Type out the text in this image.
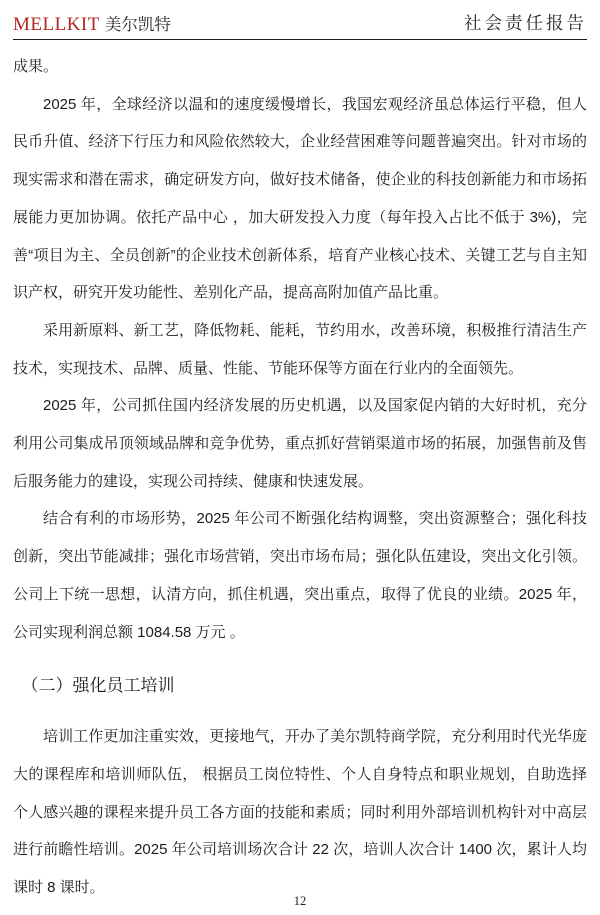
MELLKIT 美尔凯特	社会责任报告

成果。

2025 年，全球经济以温和的速度缓慢增长，我国宏观经济虽总体运行平稳，但人民币升值、经济下行压力和风险依然较大，企业经营困难等问题普遍突出。针对市场的现实需求和潜在需求，确定研发方向，做好技术储备，使企业的科技创新能力和市场拓展能力更加协调。依托产品中心 ，加大研发投入力度（每年投入占比不低于 3%)，完善“项目为主、全员创新”的企业技术创新体系，培育产业核心技术、关键工艺与自主知识产权，研究开发功能性、差别化产品，提高高附加值产品比重。

采用新原料、新工艺，降低物耗、能耗，节约用水，改善环境，积极推行清洁生产技术，实现技术、品牌、质量、性能、节能环保等方面在行业内的全面领先。

2025 年，公司抓住国内经济发展的历史机遇，以及国家促内销的大好时机，充分利用公司集成吊顶领域品牌和竞争优势，重点抓好营销渠道市场的拓展，加强售前及售后服务能力的建设，实现公司持续、健康和快速发展。

结合有利的市场形势，2025 年公司不断强化结构调整，突出资源整合；强化科技创新，突出节能减排；强化市场营销，突出市场布局；强化队伍建设，突出文化引领。公司上下统一思想，认清方向，抓住机遇，突出重点，取得了优良的业绩。2025 年，公司实现利润总额 1084.58 万元 。

（二）强化员工培训

培训工作更加注重实效，更接地气，开办了美尔凯特商学院，充分利用时代光华庞大的课程库和培训师队伍， 根据员工岗位特性、个人自身特点和职业规划，自助选择个人感兴趣的课程来提升员工各方面的技能和素质；同时利用外部培训机构针对中高层进行前瞻性培训。2025 年公司培训场次合计 22 次，培训人次合计 1400 次，累计人均课时 8 课时。

12
